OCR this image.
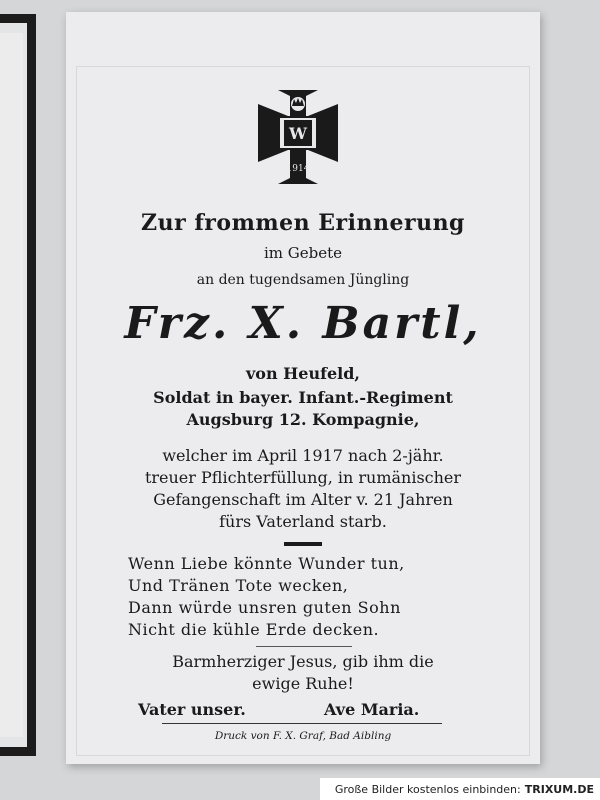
W
1914
Zur frommen Erinnerung
im Gebete
an den tugendsamen Jüngling
Frz. X. Bartl,
von Heufeld,
Soldat in bayer. Infant.-Regiment
Augsburg 12. Kompagnie,
welcher im April 1917 nach 2-jähr.
treuer Pflichterfüllung, in rumänischer
Gefangenschaft im Alter v. 21 Jahren
fürs Vaterland starb.
Wenn Liebe könnte Wunder tun,
Und Tränen Tote wecken,
Dann würde unsren guten Sohn
Nicht die kühle Erde decken.
Barmherziger Jesus, gib ihm die
ewige Ruhe!
Vater unser.	Ave Maria.
Druck von F. X. Graf, Bad Aibling
Große Bilder kostenlos einbinden: TRIXUM.DE
